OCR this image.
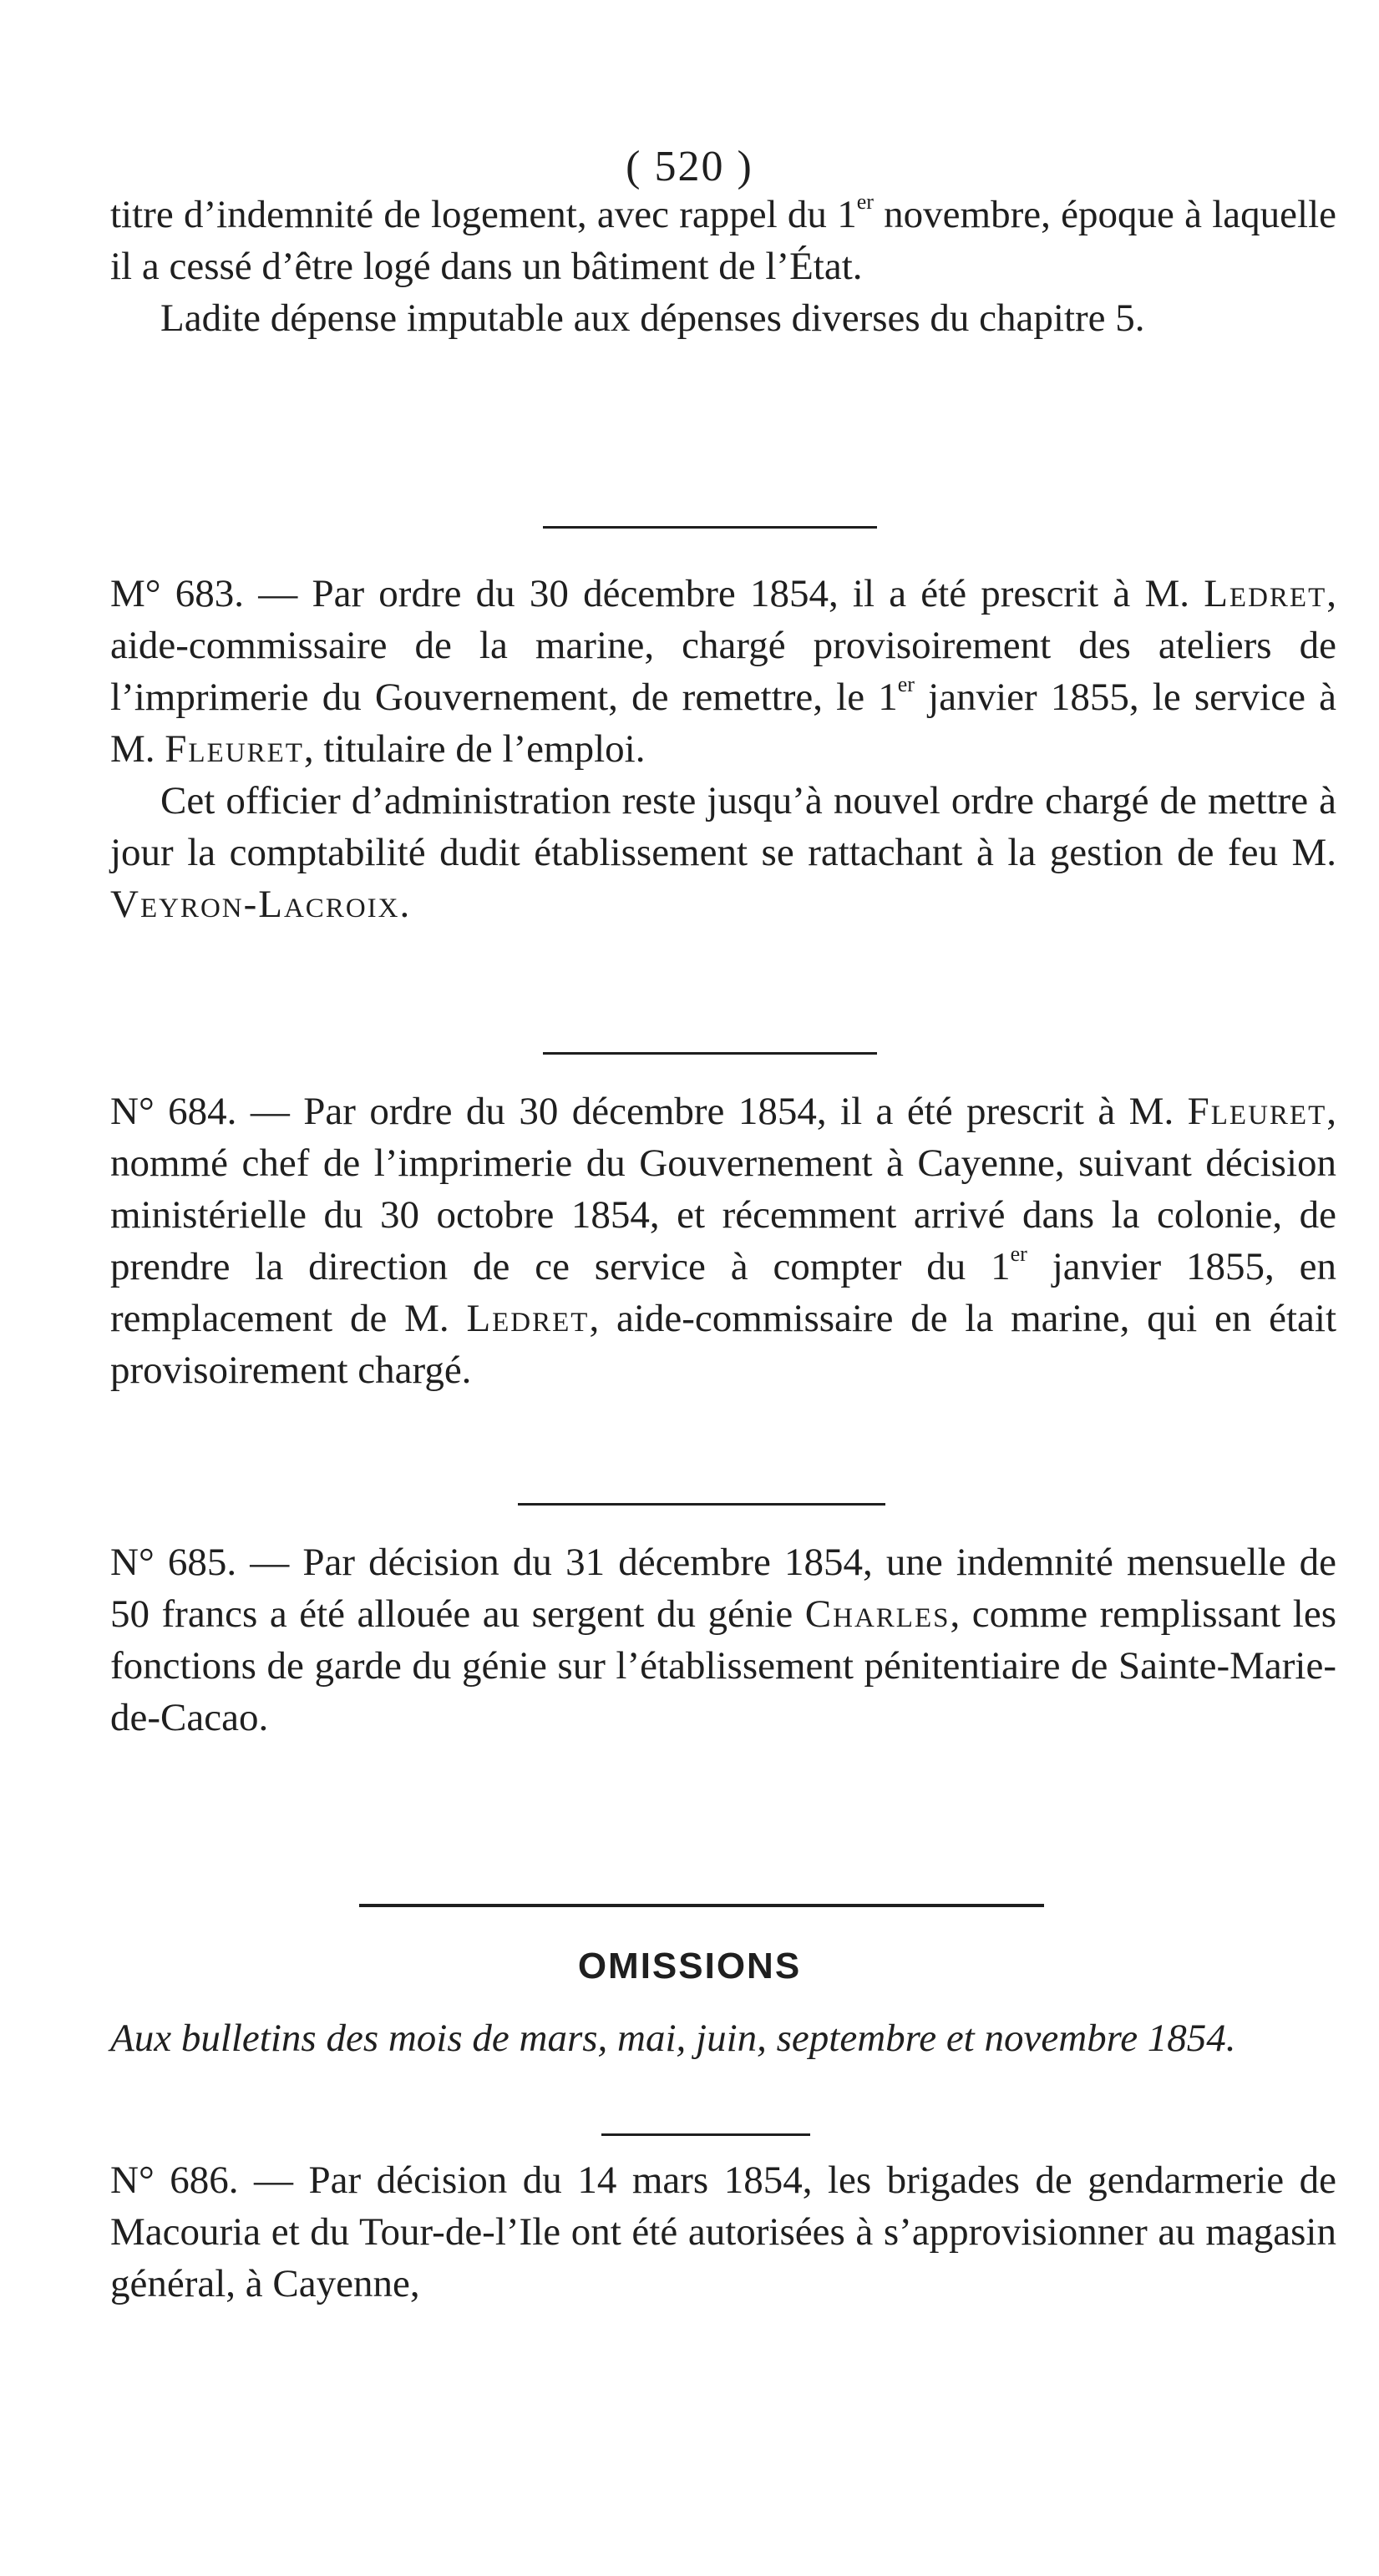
( 520 )

titre d’indemnité de logement, avec rappel du 1er novembre, époque à laquelle il a cessé d’être logé dans un bâtiment de l’État.

Ladite dépense imputable aux dépenses diverses du chapitre 5.

M° 683. — Par ordre du 30 décembre 1854, il a été prescrit à M. Ledret, aide-commissaire de la marine, chargé provisoirement des ateliers de l’imprimerie du Gouvernement, de remettre, le 1er janvier 1855, le service à M. Fleuret, titulaire de l’emploi.

Cet officier d’administration reste jusqu’à nouvel ordre chargé de mettre à jour la comptabilité dudit établissement se rattachant à la gestion de feu M. Veyron-Lacroix.

N° 684. — Par ordre du 30 décembre 1854, il a été prescrit à M. Fleuret, nommé chef de l’imprimerie du Gouvernement à Cayenne, suivant décision ministérielle du 30 octobre 1854, et récemment arrivé dans la colonie, de prendre la direction de ce service à compter du 1er janvier 1855, en remplacement de M. Ledret, aide-commissaire de la marine, qui en était provisoirement chargé.

N° 685. — Par décision du 31 décembre 1854, une indemnité mensuelle de 50 francs a été allouée au sergent du génie Charles, comme remplissant les fonctions de garde du génie sur l’établissement pénitentiaire de Sainte-Marie-de-Cacao.

OMISSIONS
Aux bulletins des mois de mars, mai, juin, septembre et novembre 1854.

N° 686. — Par décision du 14 mars 1854, les brigades de gendarmerie de Macouria et du Tour-de-l’Ile ont été autorisées à s’approvisionner au magasin général, à Cayenne,
